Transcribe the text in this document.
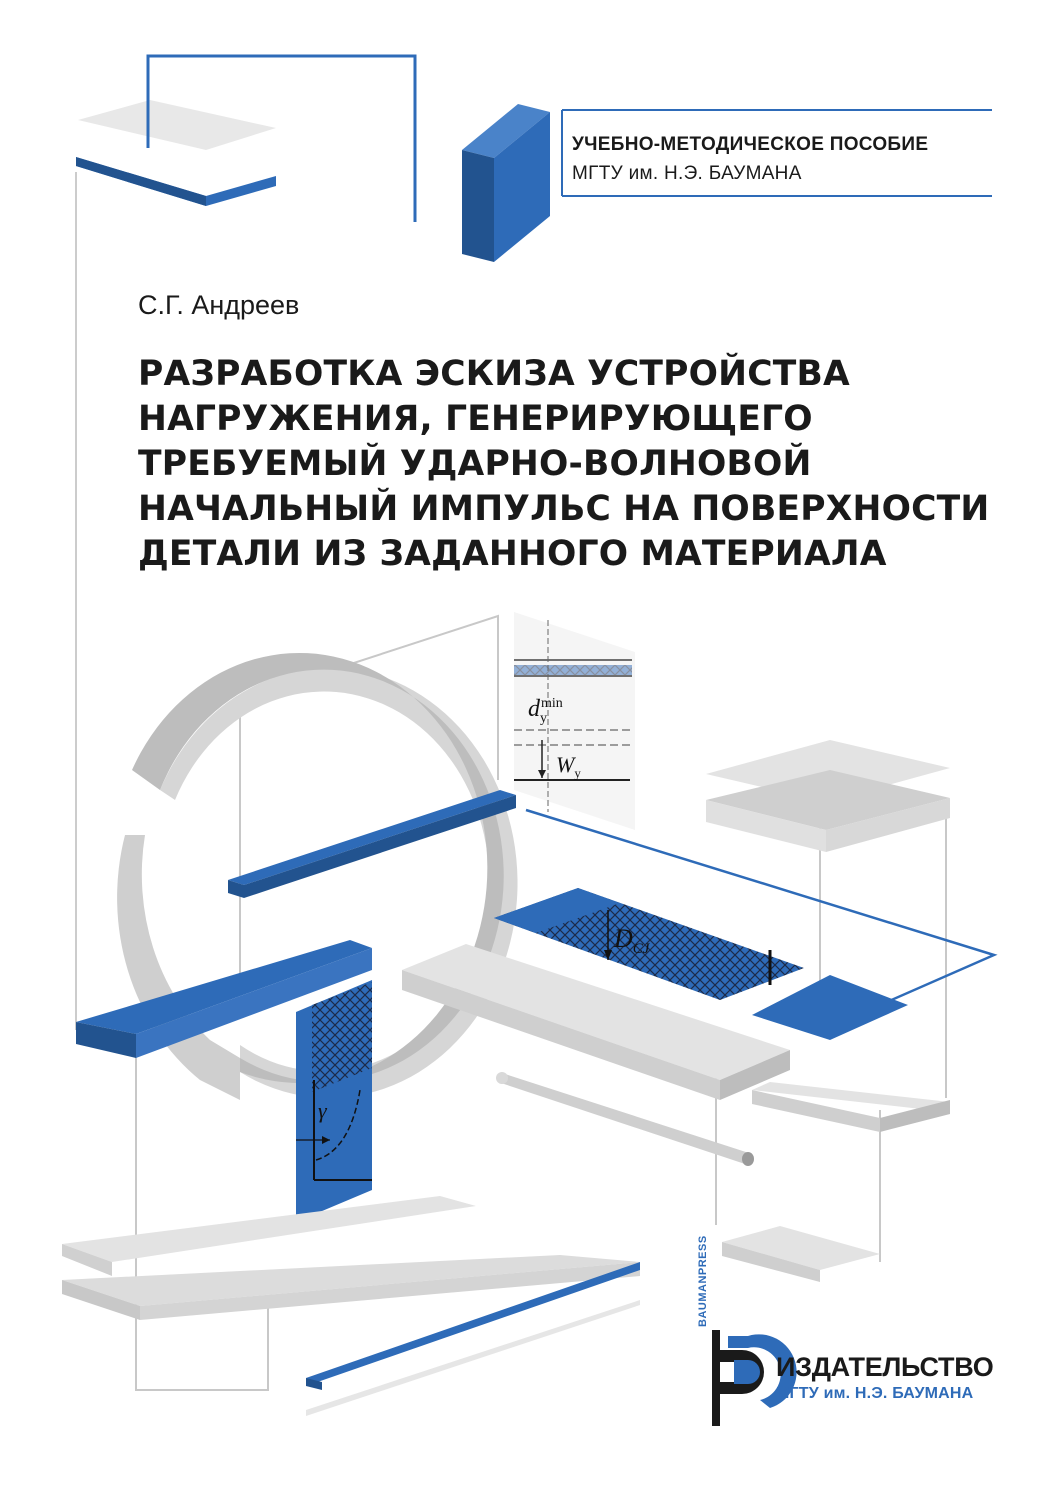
УЧЕБНО-МЕТОДИЧЕСКОЕ ПОСОБИЕ
МГТУ им. Н.Э. БАУМАНА
С.Г. Андреев
РАЗРАБОТКА ЭСКИЗА УСТРОЙСТВА
НАГРУЖЕНИЯ, ГЕНЕРИРУЮЩЕГО
ТРЕБУЕМЫЙ УДАРНО-ВОЛНОВОЙ
НАЧАЛЬНЫЙ ИМПУЛЬС НА ПОВЕРХНОСТИ
ДЕТАЛИ ИЗ ЗАДАННОГО МАТЕРИАЛА
$d_y^{min}$
$W_y$
$D_{CJ}$
γ
BAUMANPRESS
ИЗДАТЕЛЬСТВО
МГТУ им. Н.Э. БАУМАНА
